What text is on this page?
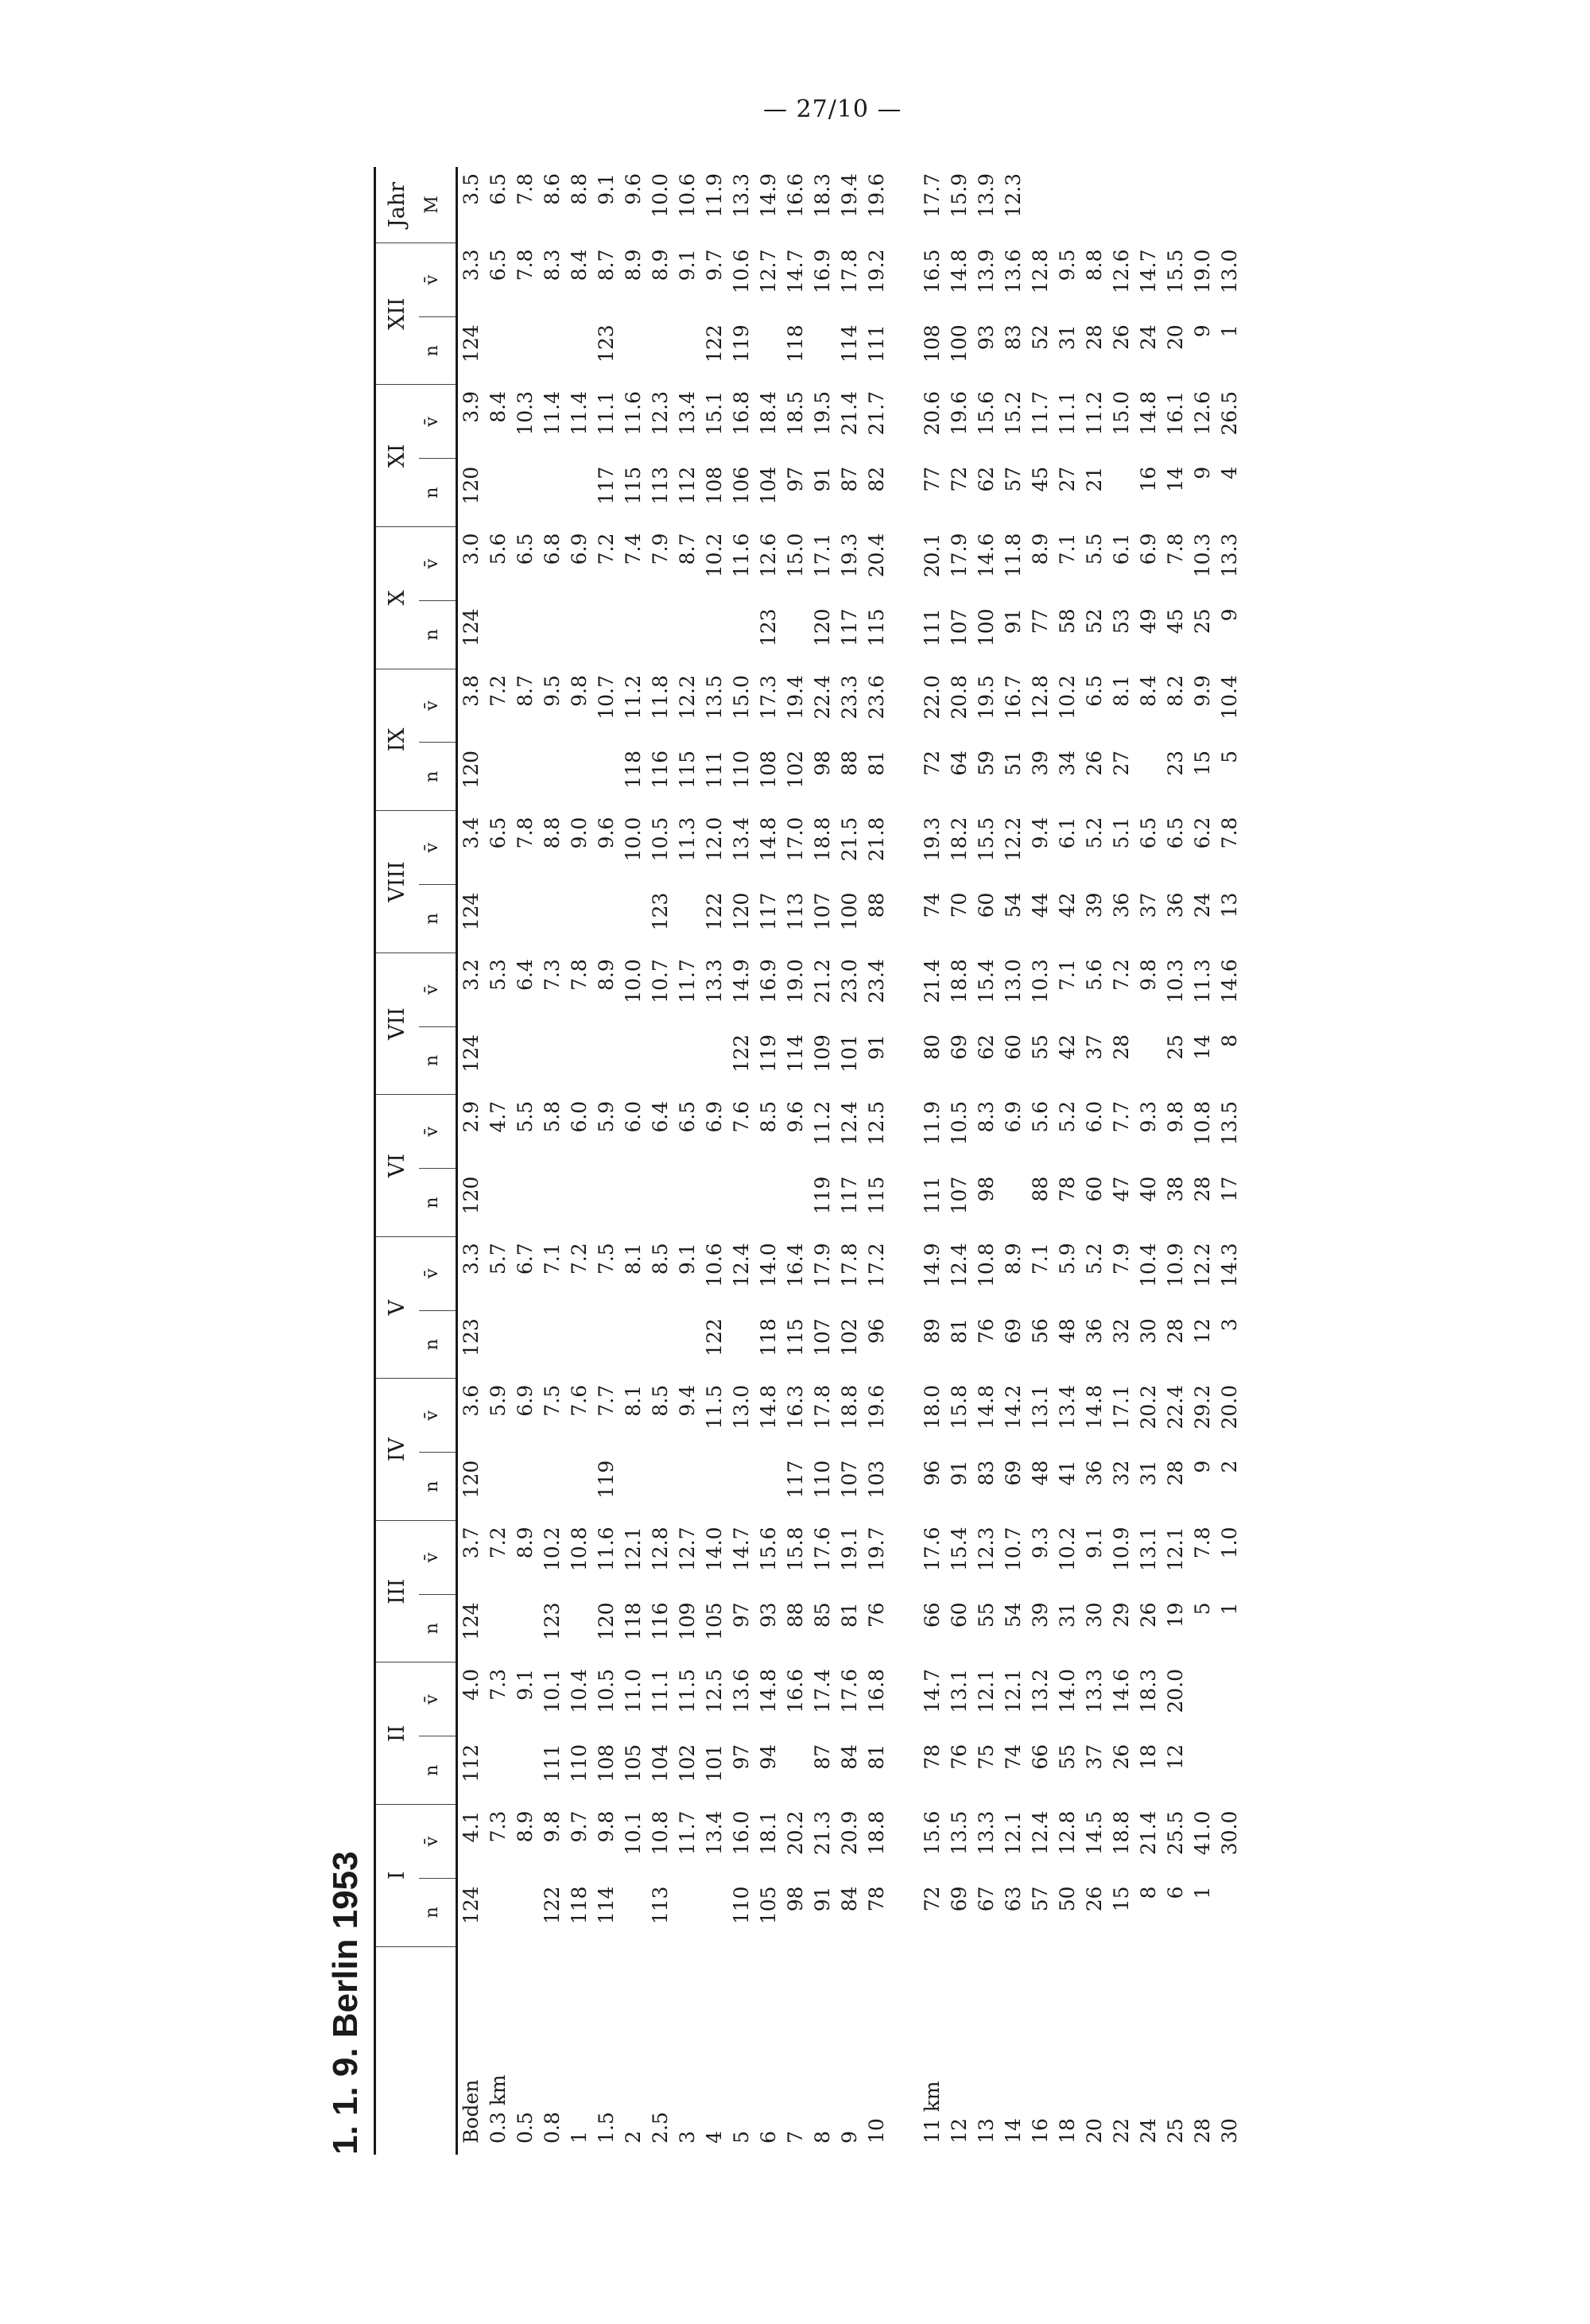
— 27/10 —
1. 1. 9. Berlin 1953
	I		II		III		IV		V		VI		VII		VIII		IX		X		XI		XII		Jahr
	n	v̄	n	v̄	n	v̄	n	v̄	n	v̄	n	v̄	n	v̄	n	v̄	n	v̄	n	v̄	n	v̄	n	v̄	M
Boden	124	4.1	112	4.0	124	3.7	120	3.6	123	3.3	120	2.9	124	3.2	124	3.4	120	3.8	124	3.0	120	3.9	124	3.3	3.5
0.3 km		7.3		7.3		7.2		5.9		5.7		4.7		5.3		6.5		7.2		5.6		8.4		6.5	6.5
0.5		8.9		9.1		8.9		6.9		6.7		5.5		6.4		7.8		8.7		6.5		10.3		7.8	7.8
0.8	122	9.8	111	10.1	123	10.2		7.5		7.1		5.8		7.3		8.8		9.5		6.8		11.4		8.3	8.6
1	118	9.7	110	10.4		10.8		7.6		7.2		6.0		7.8		9.0		9.8		6.9		11.4		8.4	8.8
1.5	114	9.8	108	10.5	120	11.6	119	7.7		7.5		5.9		8.9		9.6		10.7		7.2	117	11.1	123	8.7	9.1
2		10.1	105	11.0	118	12.1		8.1		8.1		6.0		10.0		10.0	118	11.2		7.4	115	11.6		8.9	9.6
2.5	113	10.8	104	11.1	116	12.8		8.5		8.5		6.4		10.7	123	10.5	116	11.8		7.9	113	12.3		8.9	10.0
3		11.7	102	11.5	109	12.7		9.4		9.1		6.5		11.7		11.3	115	12.2		8.7	112	13.4		9.1	10.6
4		13.4	101	12.5	105	14.0		11.5	122	10.6		6.9		13.3	122	12.0	111	13.5		10.2	108	15.1	122	9.7	11.9
5	110	16.0	97	13.6	97	14.7		13.0		12.4		7.6	122	14.9	120	13.4	110	15.0		11.6	106	16.8	119	10.6	13.3
6	105	18.1	94	14.8	93	15.6		14.8	118	14.0		8.5	119	16.9	117	14.8	108	17.3	123	12.6	104	18.4		12.7	14.9
7	98	20.2		16.6	88	15.8	117	16.3	115	16.4		9.6	114	19.0	113	17.0	102	19.4		15.0	97	18.5	118	14.7	16.6
8	91	21.3	87	17.4	85	17.6	110	17.8	107	17.9	119	11.2	109	21.2	107	18.8	98	22.4	120	17.1	91	19.5		16.9	18.3
9	84	20.9	84	17.6	81	19.1	107	18.8	102	17.8	117	12.4	101	23.0	100	21.5	88	23.3	117	19.3	87	21.4	114	17.8	19.4
10	78	18.8	81	16.8	76	19.7	103	19.6	96	17.2	115	12.5	91	23.4	88	21.8	81	23.6	115	20.4	82	21.7	111	19.2	19.6

11 km	72	15.6	78	14.7	66	17.6	96	18.0	89	14.9	111	11.9	80	21.4	74	19.3	72	22.0	111	20.1	77	20.6	108	16.5	17.7
12	69	13.5	76	13.1	60	15.4	91	15.8	81	12.4	107	10.5	69	18.8	70	18.2	64	20.8	107	17.9	72	19.6	100	14.8	15.9
13	67	13.3	75	12.1	55	12.3	83	14.8	76	10.8	98	8.3	62	15.4	60	15.5	59	19.5	100	14.6	62	15.6	93	13.9	13.9
14	63	12.1	74	12.1	54	10.7	69	14.2	69	8.9		6.9	60	13.0	54	12.2	51	16.7	91	11.8	57	15.2	83	13.6	12.3
16	57	12.4	66	13.2	39	9.3	48	13.1	56	7.1	88	5.6	55	10.3	44	9.4	39	12.8	77	8.9	45	11.7	52	12.8	
18	50	12.8	55	14.0	31	10.2	41	13.4	48	5.9	78	5.2	42	7.1	42	6.1	34	10.2	58	7.1	27	11.1	31	9.5	
20	26	14.5	37	13.3	30	9.1	36	14.8	36	5.2	60	6.0	37	5.6	39	5.2	26	6.5	52	5.5	21	11.2	28	8.8	
22	15	18.8	26	14.6	29	10.9	32	17.1	32	7.9	47	7.7	28	7.2	36	5.1	27	8.1	53	6.1		15.0	26	12.6	
24	8	21.4	18	18.3	26	13.1	31	20.2	30	10.4	40	9.3		9.8	37	6.5		8.4	49	6.9	16	14.8	24	14.7	
25	6	25.5	12	20.0	19	12.1	28	22.4	28	10.9	38	9.8	25	10.3	36	6.5	23	8.2	45	7.8	14	16.1	20	15.5	
28	1	41.0			5	7.8	9	29.2	12	12.2	28	10.8	14	11.3	24	6.2	15	9.9	25	10.3	9	12.6	9	19.0	
30		30.0			1	1.0	2	20.0	3	14.3	17	13.5	8	14.6	13	7.8	5	10.4	9	13.3	4	26.5	1	13.0	
